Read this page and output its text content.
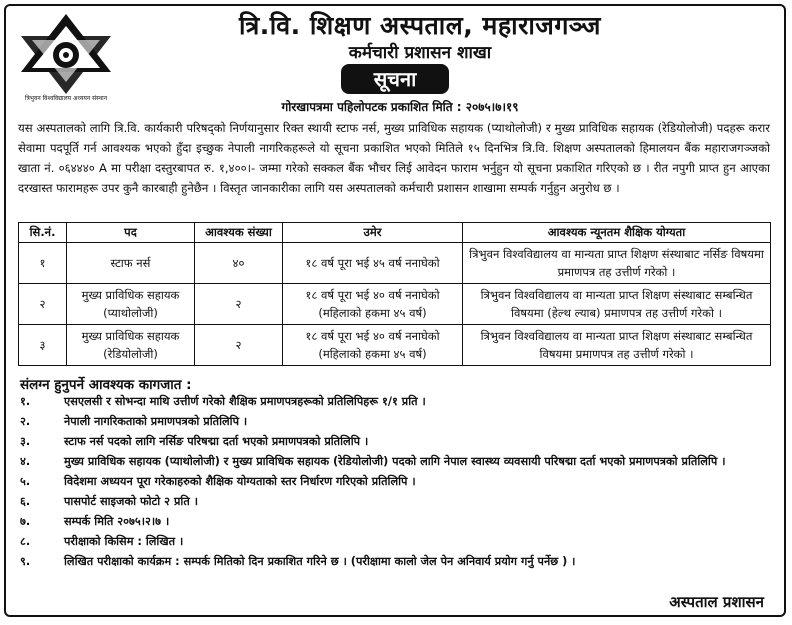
त्रिभुवन विश्वविद्यालय अध्ययन संस्थान
त्रि.वि. शिक्षण अस्पताल, महाराजगञ्ज
कर्मचारी प्रशासन शाखा
सूचना
गोरखापत्रमा पहिलोपटक प्रकाशित मिति : २०७५।७।१९
यस अस्पतालको लागि त्रि.वि. कार्यकारी परिषद्को निर्णयानुसार रिक्त स्थायी स्टाफ नर्स, मुख्य प्राविधिक सहायक (प्याथोलोजी) र मुख्य प्राविधिक सहायक (रेडियोलोजी) पदहरू करार सेवामा पदपूर्ति गर्न आवश्यक भएको हुँदा इच्छुक नेपाली नागरिकहरूले यो सूचना प्रकाशित भएको मितिले १५ दिनभित्र त्रि.वि. शिक्षण अस्पतालको हिमालयन बैंक महाराजगञ्जको खाता नं. ०६४४४० A मा परीक्षा दस्तुरबापत रु. १,४००।- जम्मा गरेको सक्कल बैंक भौचर लिई आवेदन फाराम भर्नुहुन यो सूचना प्रकाशित गरिएको छ । रीत नपुगी प्राप्त हुन आएका दरखास्त फारामहरू उपर कुनै कारबाही हुनेछैन । विस्तृत जानकारीका लागि यस अस्पतालको कर्मचारी प्रशासन शाखामा सम्पर्क गर्नुहुन अनुरोध छ ।
सि.नं.	पद	आवश्यक संख्या	उमेर	आवश्यक न्यूनतम शैक्षिक योग्यता
१	स्टाफ नर्स	४०	१८ वर्ष पूरा भई ४५ वर्ष ननाघेको	त्रिभुवन विश्वविद्यालय वा मान्यता प्राप्त शिक्षण संस्थाबाट नर्सिङ विषयमा प्रमाणपत्र तह उत्तीर्ण गरेको ।
२	मुख्य प्राविधिक सहायक (प्याथोलोजी)	२	१८ वर्ष पूरा भई ४० वर्ष ननाघेको (महिलाको हकमा ४५ वर्ष)	त्रिभुवन विश्वविद्यालय वा मान्यता प्राप्त शिक्षण संस्थाबाट सम्बन्धित विषयमा (हेल्थ ल्याब) प्रमाणपत्र तह उत्तीर्ण गरेको ।
३	मुख्य प्राविधिक सहायक (रेडियोलोजी)	२	१८ वर्ष पूरा भई ४० वर्ष ननाघेको (महिलाको हकमा ४५ वर्ष)	त्रिभुवन विश्वविद्यालय वा मान्यता प्राप्त शिक्षण संस्थाबाट सम्बन्धित विषयमा प्रमाणपत्र तह उत्तीर्ण गरेको ।
संलग्न हुनुपर्ने आवश्यक कागजात :
१.	एसएलसी र सोभन्दा माथि उत्तीर्ण गरेको शैक्षिक प्रमाणपत्रहरूको प्रतिलिपिहरू १/१ प्रति ।
२.	नेपाली नागरिकताको प्रमाणपत्रको प्रतिलिपि ।
३.	स्टाफ नर्स पदको लागि नर्सिङ परिषद्मा दर्ता भएको प्रमाणपत्रको प्रतिलिपि ।
४.	मुख्य प्राविधिक सहायक (प्याथोलोजी) र मुख्य प्राविधिक सहायक (रेडियोलोजी) पदको लागि नेपाल स्वास्थ्य व्यवसायी परिषद्मा दर्ता भएको प्रमाणपत्रको प्रतिलिपि ।
५.	विदेशमा अध्ययन पूरा गरेकाहरुको शैक्षिक योग्यताको स्तर निर्धारण गरिएको प्रतिलिपि ।
६.	पासपोर्ट साइजको फोटो २ प्रति ।
७.	सम्पर्क मिति २०७५।२।७ ।
८.	परीक्षाको किसिम : लिखित ।
९.	लिखित परीक्षाको कार्यक्रम : सम्पर्क मितिको दिन प्रकाशित गरिने छ । (परीक्षामा कालो जेल पेन अनिवार्य प्रयोग गर्नु पर्नेछ ) ।
अस्पताल प्रशासन
